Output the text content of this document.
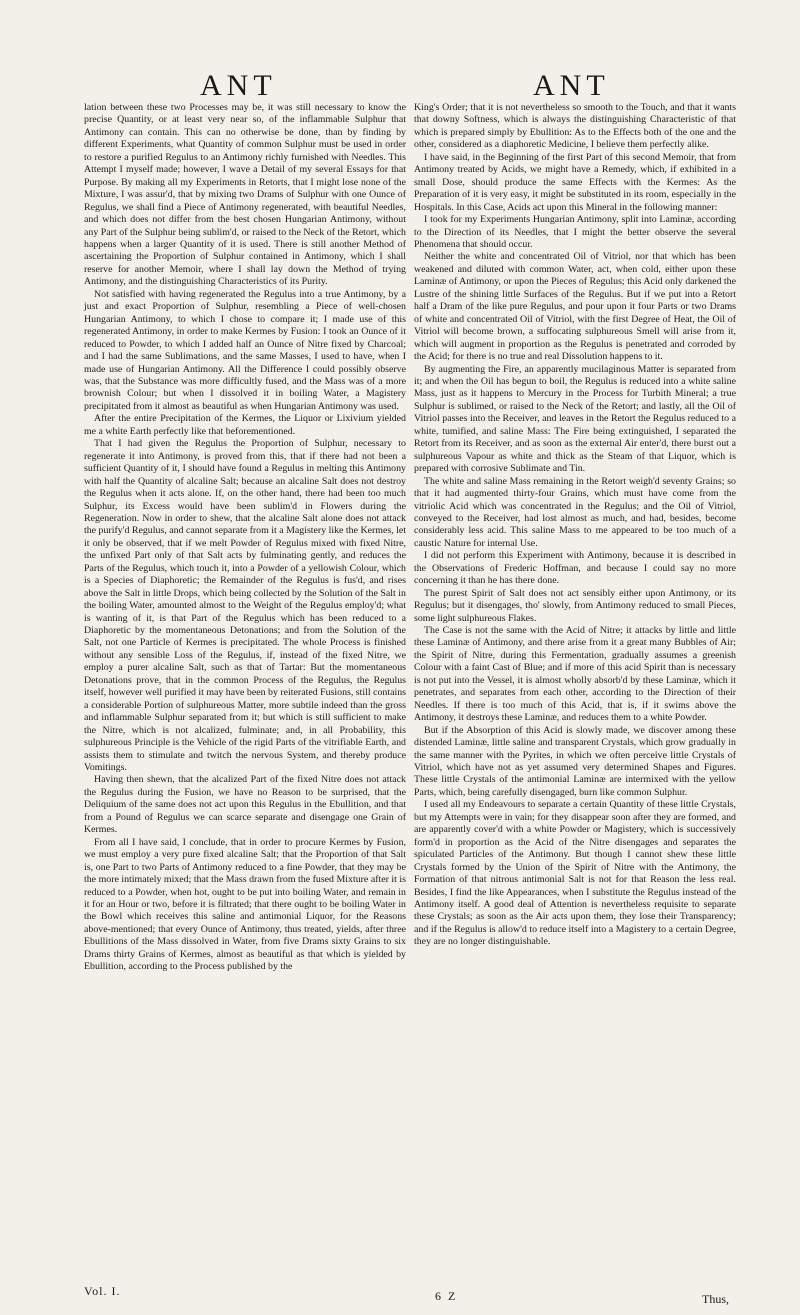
ANT	ANT

lation between these two Processes may be, it was still necessary to know the precise Quantity, or at least very near so, of the inflammable Sulphur that Antimony can contain. This can no otherwise be done, than by finding by different Experiments, what Quantity of common Sulphur must be used in order to restore a purified Regulus to an Antimony richly furnished with Needles. This Attempt I myself made; however, I wave a Detail of my several Essays for that Purpose. By making all my Experiments in Retorts, that I might lose none of the Mixture, I was assur'd, that by mixing two Drams of Sulphur with one Ounce of Regulus, we shall find a Piece of Antimony regenerated, with beautiful Needles, and which does not differ from the best chosen Hungarian Antimony, without any Part of the Sulphur being sublim'd, or raised to the Neck of the Retort, which happens when a larger Quantity of it is used. There is still another Method of ascertaining the Proportion of Sulphur contained in Antimony, which I shall reserve for another Memoir, where I shall lay down the Method of trying Antimony, and the distinguishing Characteristics of its Purity.

Not satisfied with having regenerated the Regulus into a true Antimony, by a just and exact Proportion of Sulphur, resembling a Piece of well-chosen Hungarian Antimony, to which I chose to compare it; I made use of this regenerated Antimony, in order to make Kermes by Fusion: I took an Ounce of it reduced to Powder, to which I added half an Ounce of Nitre fixed by Charcoal; and I had the same Sublimations, and the same Masses, I used to have, when I made use of Hungarian Antimony. All the Difference I could possibly observe was, that the Substance was more difficultly fused, and the Mass was of a more brownish Colour; but when I dissolved it in boiling Water, a Magistery precipitated from it almost as beautiful as when Hungarian Antimony was used.

After the entire Precipitation of the Kermes, the Liquor or Lixivium yielded me a white Earth perfectly like that beforementioned.

That I had given the Regulus the Proportion of Sulphur, necessary to regenerate it into Antimony, is proved from this, that if there had not been a sufficient Quantity of it, I should have found a Regulus in melting this Antimony with half the Quantity of alcaline Salt; because an alcaline Salt does not destroy the Regulus when it acts alone. If, on the other hand, there had been too much Sulphur, its Excess would have been sublim'd in Flowers during the Regeneration. Now in order to shew, that the alcaline Salt alone does not attack the purify'd Regulus, and cannot separate from it a Magistery like the Kermes, let it only be observed, that if we melt Powder of Regulus mixed with fixed Nitre, the unfixed Part only of that Salt acts by fulminating gently, and reduces the Parts of the Regulus, which touch it, into a Powder of a yellowish Colour, which is a Species of Diaphoretic; the Remainder of the Regulus is fus'd, and rises above the Salt in little Drops, which being collected by the Solution of the Salt in the boiling Water, amounted almost to the Weight of the Regulus employ'd; what is wanting of it, is that Part of the Regulus which has been reduced to a Diaphoretic by the momentaneous Detonations; and from the Solution of the Salt, not one Particle of Kermes is precipitated. The whole Process is finished without any sensible Loss of the Regulus, if, instead of the fixed Nitre, we employ a purer alcaline Salt, such as that of Tartar: But the momentaneous Detonations prove, that in the common Process of the Regulus, the Regulus itself, however well purified it may have been by reiterated Fusions, still contains a considerable Portion of sulphureous Matter, more subtile indeed than the gross and inflammable Sulphur separated from it; but which is still sufficient to make the Nitre, which is not alcalized, fulminate; and, in all Probability, this sulphureous Principle is the Vehicle of the rigid Parts of the vitrifiable Earth, and assists them to stimulate and twitch the nervous System, and thereby produce Vomitings.

Having then shewn, that the alcalized Part of the fixed Nitre does not attack the Regulus during the Fusion, we have no Reason to be surprised, that the Deliquium of the same does not act upon this Regulus in the Ebullition, and that from a Pound of Regulus we can scarce separate and disengage one Grain of Kermes.

From all I have said, I conclude, that in order to procure Kermes by Fusion, we must employ a very pure fixed alcaline Salt; that the Proportion of that Salt is, one Part to two Parts of Antimony reduced to a fine Powder, that they may be the more intimately mixed; that the Mass drawn from the fused Mixture after it is reduced to a Powder, when hot, ought to be put into boiling Water, and remain in it for an Hour or two, before it is filtrated; that there ought to be boiling Water in the Bowl which receives this saline and antimonial Liquor, for the Reasons above-mentioned; that every Ounce of Antimony, thus treated, yields, after three Ebullitions of the Mass dissolved in Water, from five Drams sixty Grains to six Drams thirty Grains of Kermes, almost as beautiful as that which is yielded by Ebullition, according to the Process published by the

King's Order; that it is not nevertheless so smooth to the Touch, and that it wants that downy Softness, which is always the distinguishing Characteristic of that which is prepared simply by Ebullition: As to the Effects both of the one and the other, considered as a diaphoretic Medicine, I believe them perfectly alike.

I have said, in the Beginning of the first Part of this second Memoir, that from Antimony treated by Acids, we might have a Remedy, which, if exhibited in a small Dose, should produce the same Effects with the Kermes: As the Preparation of it is very easy, it might be substituted in its room, especially in the Hospitals. In this Case, Acids act upon this Mineral in the following manner:

I took for my Experiments Hungarian Antimony, split into Laminæ, according to the Direction of its Needles, that I might the better observe the several Phenomena that should occur.

Neither the white and concentrated Oil of Vitriol, nor that which has been weakened and diluted with common Water, act, when cold, either upon these Laminæ of Antimony, or upon the Pieces of Regulus; this Acid only darkened the Lustre of the shining little Surfaces of the Regulus. But if we put into a Retort half a Dram of the like pure Regulus, and pour upon it four Parts or two Drams of white and concentrated Oil of Vitriol, with the first Degree of Heat, the Oil of Vitriol will become brown, a suffocating sulphureous Smell will arise from it, which will augment in proportion as the Regulus is penetrated and corroded by the Acid; for there is no true and real Dissolution happens to it.

By augmenting the Fire, an apparently mucilaginous Matter is separated from it; and when the Oil has begun to boil, the Regulus is reduced into a white saline Mass, just as it happens to Mercury in the Process for Turbith Mineral; a true Sulphur is sublimed, or raised to the Neck of the Retort; and lastly, all the Oil of Vitriol passes into the Receiver, and leaves in the Retort the Regulus reduced to a white, tumified, and saline Mass: The Fire being extinguished, I separated the Retort from its Receiver, and as soon as the external Air enter'd, there burst out a sulphureous Vapour as white and thick as the Steam of that Liquor, which is prepared with corrosive Sublimate and Tin.

The white and saline Mass remaining in the Retort weigh'd seventy Grains; so that it had augmented thirty-four Grains, which must have come from the vitriolic Acid which was concentrated in the Regulus; and the Oil of Vitriol, conveyed to the Receiver, had lost almost as much, and had, besides, become considerably less acid. This saline Mass to me appeared to be too much of a caustic Nature for internal Use.

I did not perform this Experiment with Antimony, because it is described in the Observations of Frederic Hoffman, and because I could say no more concerning it than he has there done.

The purest Spirit of Salt does not act sensibly either upon Antimony, or its Regulus; but it disengages, tho' slowly, from Antimony reduced to small Pieces, some light sulphureous Flakes.

The Case is not the same with the Acid of Nitre; it attacks by little and little these Laminæ of Antimony, and there arise from it a great many Bubbles of Air; the Spirit of Nitre, during this Fermentation, gradually assumes a greenish Colour with a faint Cast of Blue; and if more of this acid Spirit than is necessary is not put into the Vessel, it is almost wholly absorb'd by these Laminæ, which it penetrates, and separates from each other, according to the Direction of their Needles. If there is too much of this Acid, that is, if it swims above the Antimony, it destroys these Laminæ, and reduces them to a white Powder.

But if the Absorption of this Acid is slowly made, we discover among these distended Laminæ, little saline and transparent Crystals, which grow gradually in the same manner with the Pyrites, in which we often perceive little Crystals of Vitriol, which have not as yet assumed very determined Shapes and Figures. These little Crystals of the antimonial Laminæ are intermixed with the yellow Parts, which, being carefully disengaged, burn like common Sulphur.

I used all my Endeavours to separate a certain Quantity of these little Crystals, but my Attempts were in vain; for they disappear soon after they are formed, and are apparently cover'd with a white Powder or Magistery, which is successively form'd in proportion as the Acid of the Nitre disengages and separates the spiculated Particles of the Antimony. But though I cannot shew these little Crystals formed by the Union of the Spirit of Nitre with the Antimony, the Formation of that nitrous antimonial Salt is not for that Reason the less real. Besides, I find the like Appearances, when I substitute the Regulus instead of the Antimony itself. A good deal of Attention is nevertheless requisite to separate these Crystals; as soon as the Air acts upon them, they lose their Transparency; and if the Regulus is allow'd to reduce itself into a Magistery to a certain Degree, they are no longer distinguishable.

Vol. I.	6 Z	Thus,
